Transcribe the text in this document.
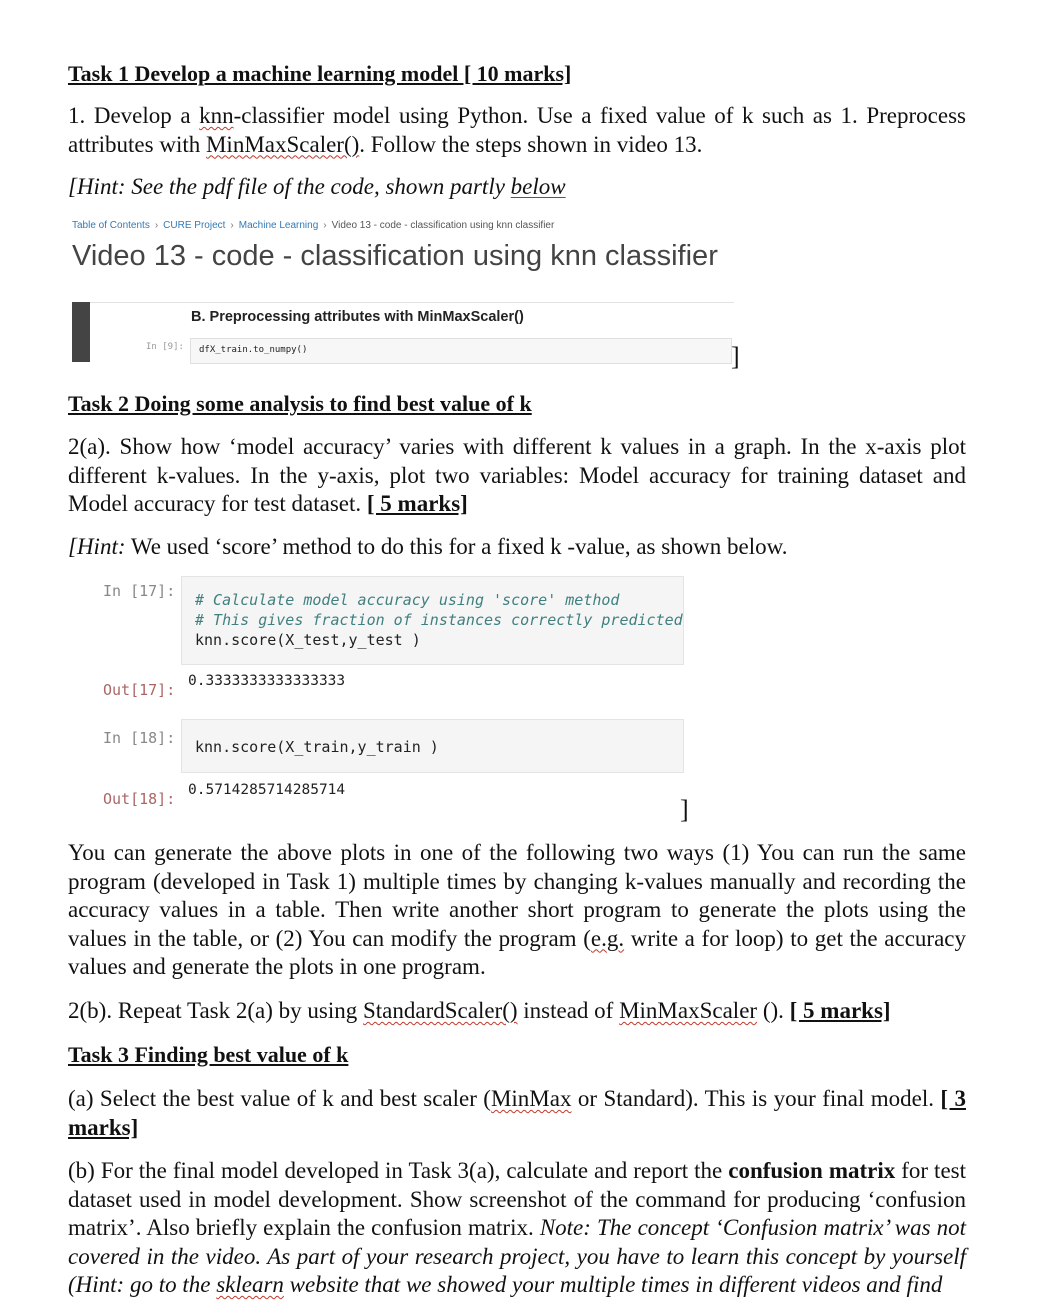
Task 1 Develop a machine learning model [ 10 marks]
1. Develop a knn-classifier model using Python. Use a fixed value of k such as 1. Preprocess attributes with MinMaxScaler(). Follow the steps shown in video 13.
[Hint: See the pdf file of the code, shown partly below
Table of Contents › CURE Project › Machine Learning › Video 13 - code - classification using knn classifier
Video 13 - code - classification using knn classifier
B. Preprocessing attributes with MinMaxScaler()
In [9]: dfX_train.to_numpy()	]
Task 2 Doing some analysis to find best value of k
2(a). Show how ‘model accuracy’ varies with different k values in a graph. In the x-axis plot different k-values. In the y-axis, plot two variables: Model accuracy for training dataset and Model accuracy for test dataset. [ 5 marks]
[Hint: We used ‘score’ method to do this for a fixed k -value, as shown below.
In [17]: # Calculate model accuracy using 'score' method
# This gives fraction of instances correctly predicted
knn.score(X_test,y_test )
Out[17]: 0.3333333333333333
In [18]: knn.score(X_train,y_train )
Out[18]: 0.5714285714285714
]
You can generate the above plots in one of the following two ways (1) You can run the same program (developed in Task 1) multiple times by changing k-values manually and recording the accuracy values in a table. Then write another short program to generate the plots using the values in the table, or (2) You can modify the program (e.g. write a for loop) to get the accuracy values and generate the plots in one program.
2(b). Repeat Task 2(a) by using StandardScaler() instead of MinMaxScaler (). [ 5 marks]
Task 3 Finding best value of k
(a) Select the best value of k and best scaler (MinMax or Standard). This is your final model. [ 3 marks]
(b) For the final model developed in Task 3(a), calculate and report the confusion matrix for test dataset used in model development. Show screenshot of the command for producing ‘confusion matrix’. Also briefly explain the confusion matrix. Note: The concept ‘Confusion matrix’ was not covered in the video. As part of your research project, you have to learn this concept by yourself (Hint: go to the sklearn website that we showed your multiple times in different videos and find
